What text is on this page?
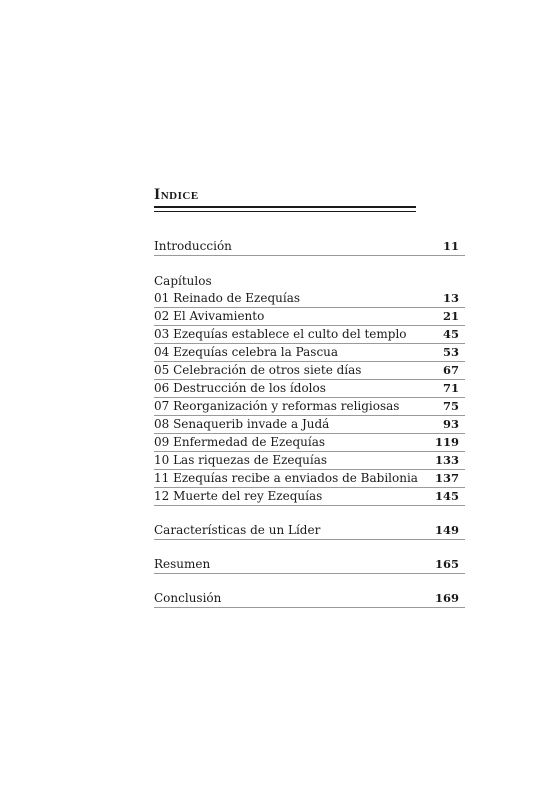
Indice
Introducción	11
Capítulos
01 Reinado de Ezequías	13
02 El Avivamiento	21
03 Ezequías establece el culto del templo	45
04 Ezequías celebra la Pascua	53
05 Celebración de otros siete días	67
06 Destrucción de los ídolos	71
07 Reorganización y reformas religiosas	75
08 Senaquerib invade a Judá	93
09 Enfermedad de Ezequías	119
10 Las riquezas de Ezequías	133
11 Ezequías recibe a enviados de Babilonia 137
12 Muerte del rey Ezequías	145
Características de un Líder	149
Resumen	165
Conclusión	169
